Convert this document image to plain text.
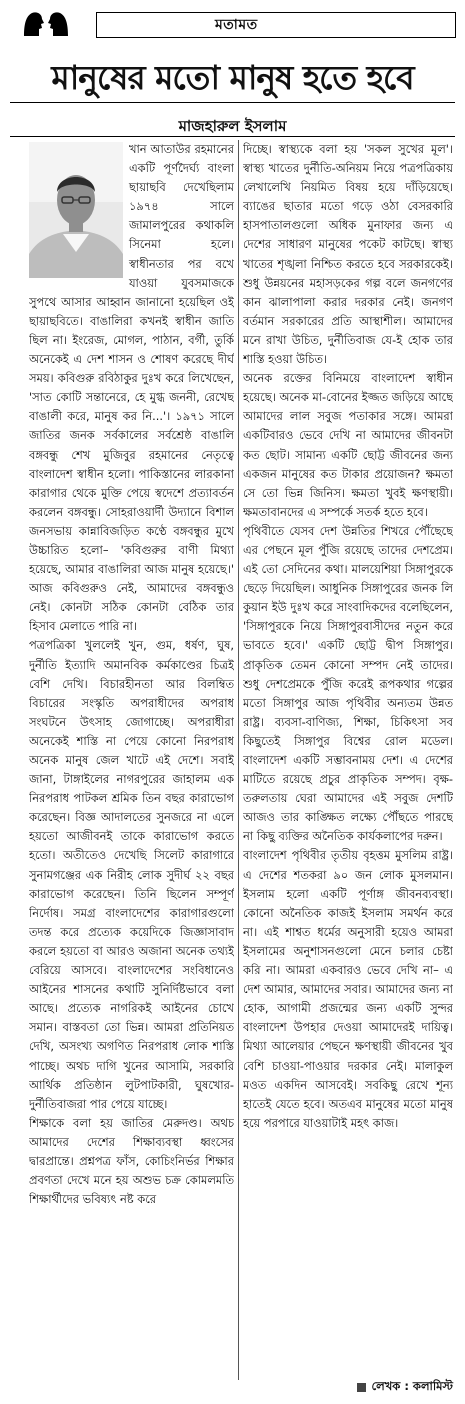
মতামত
মানুষের মতো মানুষ হতে হবে
মাজহারুল ইসলাম

খান আতাউর রহমানের একটি পূর্ণদৈর্ঘ্য বাংলা ছায়াছবি দেখেছিলাম ১৯৭৪ সালে জামালপুরের কথাকলি সিনেমা হলে। স্বাধীনতার পর বখে যাওয়া যুবসমাজকে সুপথে আসার আহ্বান জানানো হয়েছিল ওই ছায়াছবিতে। বাঙালিরা কখনই স্বাধীন জাতি ছিল না। ইংরেজ, মোগল, পাঠান, বর্গী, তুর্কি অনেকেই এ দেশ শাসন ও শোষণ করেছে দীর্ঘ সময়। কবিগুরু রবিঠাকুর দুঃখ করে লিখেছেন, 'সাত কোটি সন্তানেরে, হে মুগ্ধ জননী, রেখেছ বাঙালী করে, মানুষ কর নি...'। ১৯৭১ সালে জাতির জনক সর্বকালের সর্বশ্রেষ্ঠ বাঙালি বঙ্গবন্ধু শেখ মুজিবুর রহমানের নেতৃত্বে বাংলাদেশ স্বাধীন হলো। পাকিস্তানের লারকানা কারাগার থেকে মুক্তি পেয়ে স্বদেশে প্রত্যাবর্তন করলেন বঙ্গবন্ধু। সোহরাওয়ার্দী উদ্যানে বিশাল জনসভায় কান্নাবিজড়িত কণ্ঠে বঙ্গবন্ধুর মুখে উচ্চারিত হলো– 'কবিগুরুর বাণী মিথ্যা হয়েছে, আমার বাঙালিরা আজ মানুষ হয়েছে।' আজ কবিগুরুও নেই, আমাদের বঙ্গবন্ধুও নেই। কোনটা সঠিক কোনটা বেঠিক তার হিসাব মেলাতে পারি না।

পত্রপত্রিকা খুললেই খুন, গুম, ধর্ষণ, ঘুষ, দুর্নীতি ইত্যাদি অমানবিক কর্মকাণ্ডের চিত্রই বেশি দেখি। বিচারহীনতা আর বিলম্বিত বিচারের সংস্কৃতি অপরাধীদের অপরাধ সংঘটনে উৎসাহ জোগাচ্ছে। অপরাধীরা অনেকেই শাস্তি না পেয়ে কোনো নিরপরাধ অনেক মানুষ জেল খাটে এই দেশে। সবাই জানা, টাঙ্গাইলের নাগরপুরের জাহালম এক নিরপরাধ পাটকল শ্রমিক তিন বছর কারাভোগ করেছেন। বিজ্ঞ আদালতের সুনজরে না এলে হয়তো আজীবনই তাকে কারাভোগ করতে হতো। অতীতেও দেখেছি সিলেট কারাগারে সুনামগঞ্জের এক নিরীহ লোক সুদীর্ঘ ২২ বছর কারাভোগ করেছেন। তিনি ছিলেন সম্পূর্ণ নির্দোষ। সমগ্র বাংলাদেশের কারাগারগুলো তদন্ত করে প্রত্যেক কয়েদিকে জিজ্ঞাসাবাদ করলে হয়তো বা আরও অজানা অনেক তথ্যই বেরিয়ে আসবে। বাংলাদেশের সংবিধানেও আইনের শাসনের কথাটি সুনির্দিষ্টভাবে বলা আছে। প্রত্যেক নাগরিকই আইনের চোখে সমান। বাস্তবতা তো ভিন্ন। আমরা প্রতিনিয়ত দেখি, অসংখ্য অগণিত নিরপরাধ লোক শাস্তি পাচ্ছে। অথচ দাগি খুনের আসামি, সরকারি আর্থিক প্রতিষ্ঠান লুটপাটকারী, ঘুষখোর-দুর্নীতিবাজরা পার পেয়ে যাচ্ছে।

শিক্ষাকে বলা হয় জাতির মেরুদণ্ড। অথচ আমাদের দেশের শিক্ষাব্যবস্থা ধ্বংসের দ্বারপ্রান্তে। প্রশ্নপত্র ফাঁস, কোচিংনির্ভর শিক্ষার প্রবণতা দেখে মনে হয় অশুভ চক্র কোমলমতি শিক্ষার্থীদের ভবিষ্যৎ নষ্ট করে

দিচ্ছে। স্বাস্থ্যকে বলা হয় 'সকল সুখের মূল'। স্বাস্থ্য খাতের দুর্নীতি-অনিয়ম নিয়ে পত্রপত্রিকায় লেখালেখি নিয়মিত বিষয় হয়ে দাঁড়িয়েছে। ব্যাঙের ছাতার মতো গড়ে ওঠা বেসরকারি হাসপাতালগুলো অধিক মুনাফার জন্য এ দেশের সাধারণ মানুষের পকেট কাটছে। স্বাস্থ্য খাতের শৃঙ্খলা নিশ্চিত করতে হবে সরকারকেই। শুধু উন্নয়নের মহাসড়কের গল্প বলে জনগণের কান ঝালাপালা করার দরকার নেই। জনগণ বর্তমান সরকারের প্রতি আস্থাশীল। আমাদের মনে রাখা উচিত, দুর্নীতিবাজ যে-ই হোক তার শাস্তি হওয়া উচিত।

অনেক রক্তের বিনিময়ে বাংলাদেশ স্বাধীন হয়েছে। অনেক মা-বোনের ইজ্জত জড়িয়ে আছে আমাদের লাল সবুজ পতাকার সঙ্গে। আমরা একটিবারও ভেবে দেখি না আমাদের জীবনটা কত ছোট। সামান্য একটি ছোট্ট জীবনের জন্য একজন মানুষের কত টাকার প্রয়োজন? ক্ষমতা সে তো ভিন্ন জিনিস। ক্ষমতা খুবই ক্ষণস্থায়ী। ক্ষমতাবানদের এ সম্পর্কে সতর্ক হতে হবে।

পৃথিবীতে যেসব দেশ উন্নতির শিখরে পৌঁছেছে এর পেছনে মূল পুঁজি রয়েছে তাদের দেশপ্রেম। এই তো সেদিনের কথা। মালয়েশিয়া সিঙ্গাপুরকে ছেড়ে দিয়েছিল। আধুনিক সিঙ্গাপুরের জনক লি কুয়ান ইউ দুঃখ করে সাংবাদিকদের বলেছিলেন, 'সিঙ্গাপুরকে নিয়ে সিঙ্গাপুরবাসীদের নতুন করে ভাবতে হবে।' একটি ছোট্ট দ্বীপ সিঙ্গাপুর। প্রাকৃতিক তেমন কোনো সম্পদ নেই তাদের। শুধু দেশপ্রেমকে পুঁজি করেই রূপকথার গল্পের মতো সিঙ্গাপুর আজ পৃথিবীর অন্যতম উন্নত রাষ্ট্র। ব্যবসা-বাণিজ্য, শিক্ষা, চিকিৎসা সব কিছুতেই সিঙ্গাপুর বিশ্বের রোল মডেল। বাংলাদেশ একটি সম্ভাবনাময় দেশ। এ দেশের মাটিতে রয়েছে প্রচুর প্রাকৃতিক সম্পদ। বৃক্ষ-তরুলতায় ঘেরা আমাদের এই সবুজ দেশটি আজও তার কাঙ্ক্ষিত লক্ষ্যে পৌঁছতে পারছে না কিছু ব্যক্তির অনৈতিক কার্যকলাপের দরুন।

বাংলাদেশ পৃথিবীর তৃতীয় বৃহত্তম মুসলিম রাষ্ট্র। এ দেশের শতকরা ৯০ জন লোক মুসলমান। ইসলাম হলো একটি পূর্ণাঙ্গ জীবনব্যবস্থা। কোনো অনৈতিক কাজই ইসলাম সমর্থন করে না। এই শাশ্বত ধর্মের অনুসারী হয়েও আমরা ইসলামের অনুশাসনগুলো মেনে চলার চেষ্টা করি না। আমরা একবারও ভেবে দেখি না– এ দেশ আমার, আমাদের সবার। আমাদের জন্য না হোক, আগামী প্রজন্মের জন্য একটি সুন্দর বাংলাদেশ উপহার দেওয়া আমাদেরই দায়িত্ব। মিথ্যা আলেয়ার পেছনে ক্ষণস্থায়ী জীবনের খুব বেশি চাওয়া-পাওয়ার দরকার নেই। মালাকুল মওত একদিন আসবেই। সবকিছু রেখে শূন্য হাতেই যেতে হবে। অতএব মানুষের মতো মানুষ হয়ে পরপারে যাওয়াটাই মহৎ কাজ।

লেখক : কলামিস্ট
